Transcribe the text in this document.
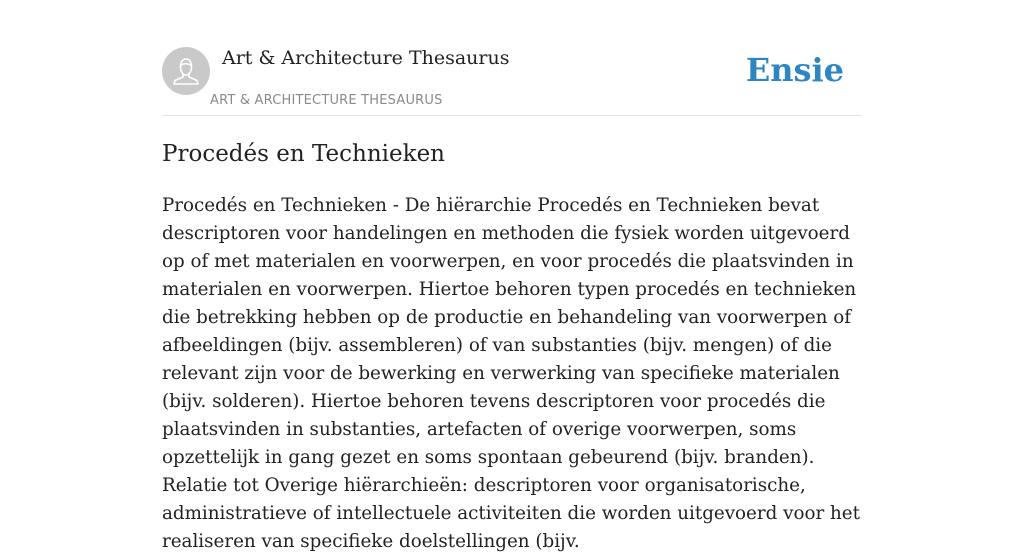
Art & Architecture Thesaurus
ART & ARCHITECTURE THESAURUS
Ensie
Procedés en Technieken

Procedés en Technieken - De hiërarchie Procedés en Technieken bevat descriptoren voor handelingen en methoden die fysiek worden uitgevoerd op of met materialen en voorwerpen, en voor procedés die plaatsvinden in materialen en voorwerpen. Hiertoe behoren typen procedés en technieken die betrekking hebben op de productie en behandeling van voorwerpen of afbeeldingen (bijv. assembleren) of van substanties (bijv. mengen) of die relevant zijn voor de bewerking en verwerking van specifieke materialen (bijv. solderen). Hiertoe behoren tevens descriptoren voor procedés die plaatsvinden in substanties, artefacten of overige voorwerpen, soms opzettelijk in gang gezet en soms spontaan gebeurend (bijv. branden). Relatie tot Overige hiërarchieën: descriptoren voor organisatorische, administratieve of intellectuele activiteiten die worden uitgevoerd voor het realiseren van specifieke doelstellingen (bijv.
